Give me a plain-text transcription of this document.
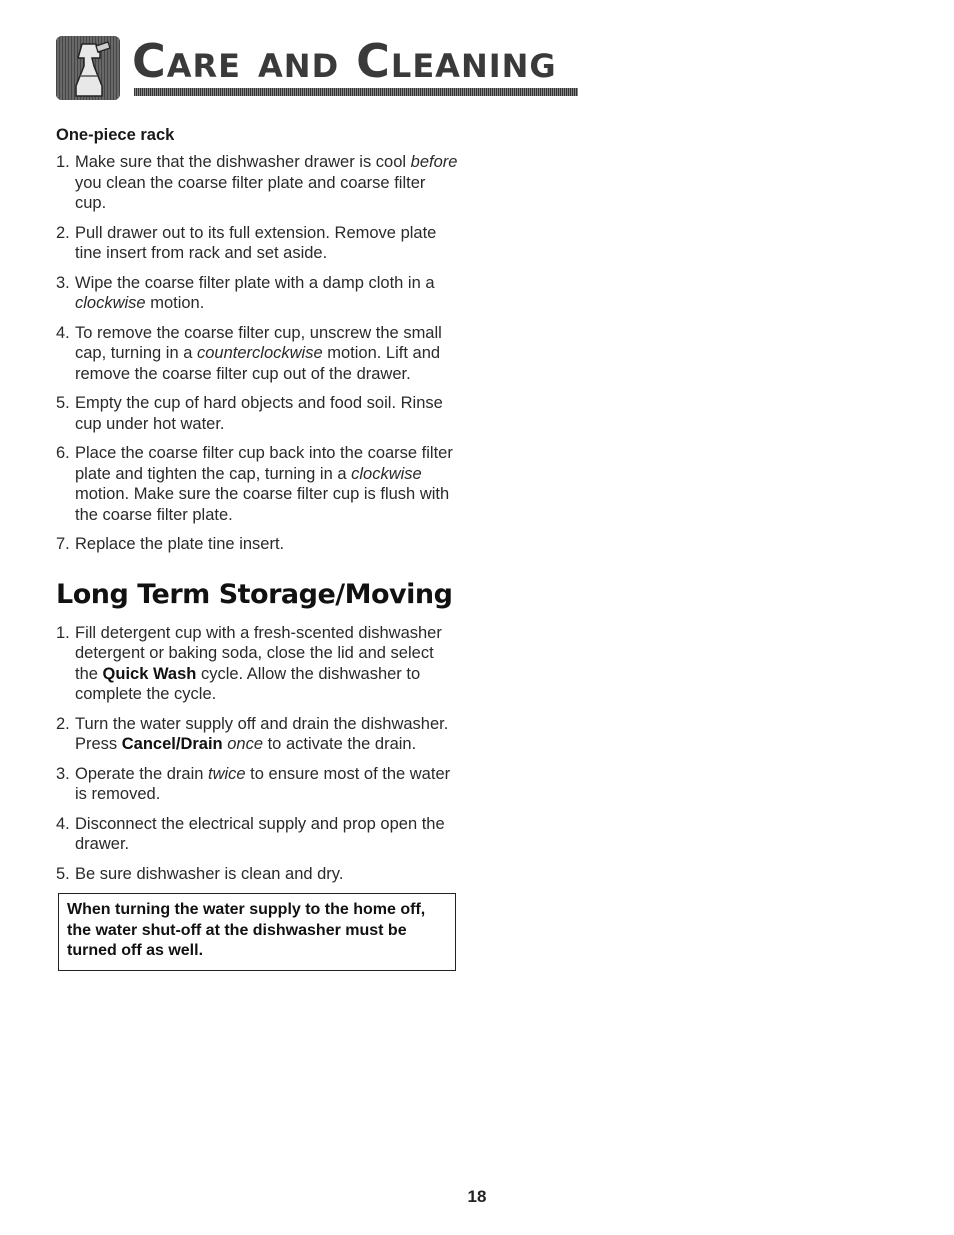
Care and Cleaning
One-piece rack
1. Make sure that the dishwasher drawer is cool before you clean the coarse filter plate and coarse filter cup.
2. Pull drawer out to its full extension. Remove plate tine insert from rack and set aside.
3. Wipe the coarse filter plate with a damp cloth in a clockwise motion.
4. To remove the coarse filter cup, unscrew the small cap, turning in a counterclockwise motion. Lift and remove the coarse filter cup out of the drawer.
5. Empty the cup of hard objects and food soil. Rinse cup under hot water.
6. Place the coarse filter cup back into the coarse filter plate and tighten the cap, turning in a clockwise motion. Make sure the coarse filter cup is flush with the coarse filter plate.
7. Replace the plate tine insert.
Long Term Storage/Moving
1. Fill detergent cup with a fresh-scented dishwasher detergent or baking soda, close the lid and select the Quick Wash cycle. Allow the dishwasher to complete the cycle.
2. Turn the water supply off and drain the dishwasher. Press Cancel/Drain once to activate the drain.
3. Operate the drain twice to ensure most of the water is removed.
4. Disconnect the electrical supply and prop open the drawer.
5. Be sure dishwasher is clean and dry.
When turning the water supply to the home off, the water shut-off at the dishwasher must be turned off as well.
18
